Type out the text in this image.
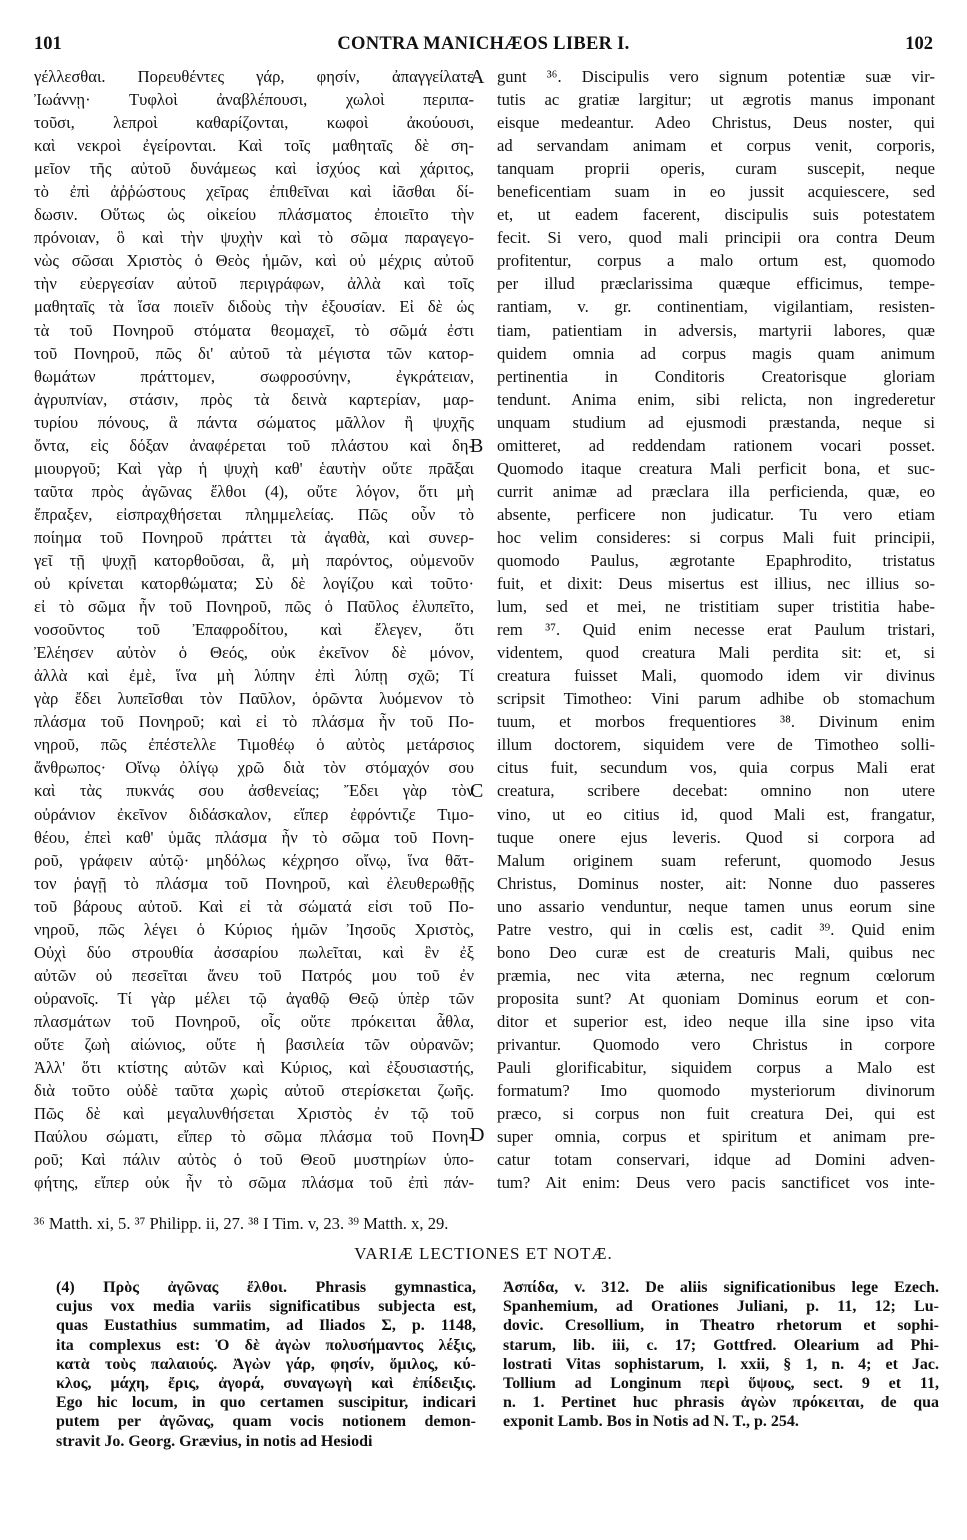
101	CONTRA MANICHÆOS LIBER I.	102
γέλλεσθαι. Πορευθέντες γάρ, φησίν, ἀπαγγείλατε
Ἰωάννῃ· Τυφλοὶ ἀναβλέπουσι, χωλοὶ περιπα-
τοῦσι, λεπροὶ καθαρίζονται, κωφοὶ ἀκούουσι,
καὶ νεκροὶ ἐγείρονται. Καὶ τοῖς μαθηταῖς δὲ ση-
μεῖον τῆς αὐτοῦ δυνάμεως καὶ ἰσχύος καὶ χάριτος,
τὸ ἐπὶ ἀῤῥώστους χεῖρας ἐπιθεῖναι καὶ ἰᾶσθαι δί-
δωσιν. Οὕτως ὡς οἰκείου πλάσματος ἐποιεῖτο τὴν
πρόνοιαν, ὃ καὶ τὴν ψυχὴν καὶ τὸ σῶμα παραγεγο-
νὼς σῶσαι Χριστὸς ὁ Θεὸς ἡμῶν, καὶ οὐ μέχρις αὐτοῦ
τὴν εὐεργεσίαν αὐτοῦ περιγράφων, ἀλλὰ καὶ τοῖς
μαθηταῖς τὰ ἴσα ποιεῖν διδοὺς τὴν ἐξουσίαν. Εἰ δὲ ὡς
τὰ τοῦ Πονηροῦ στόματα θεομαχεῖ, τὸ σῶμά ἐστι
τοῦ Πονηροῦ, πῶς δι' αὐτοῦ τὰ μέγιστα τῶν κατορ-
θωμάτων πράττομεν, σωφροσύνην, ἐγκράτειαν,
ἀγρυπνίαν, στάσιν, πρὸς τὰ δεινὰ καρτερίαν, μαρ-
τυρίου πόνους, ἃ πάντα σώματος μᾶλλον ἢ ψυχῆς
ὄντα, εἰς δόξαν ἀναφέρεται τοῦ πλάστου καὶ δη-
μιουργοῦ; Καὶ γὰρ ἡ ψυχὴ καθ' ἑαυτὴν οὔτε πρᾶξαι
ταῦτα πρὸς ἀγῶνας ἔλθοι (4), οὔτε λόγον, ὅτι μὴ
ἔπραξεν, εἰσπραχθήσεται πλημμελείας. Πῶς οὖν τὸ
ποίημα τοῦ Πονηροῦ πράττει τὰ ἀγαθὰ, καὶ συνερ-
γεῖ τῇ ψυχῇ κατορθοῦσαι, ἃ, μὴ παρόντος, οὐμενοῦν
οὐ κρίνεται κατορθώματα; Σὺ δὲ λογίζου καὶ τοῦτο·
εἰ τὸ σῶμα ἦν τοῦ Πονηροῦ, πῶς ὁ Παῦλος ἐλυπεῖτο,
νοσοῦντος τοῦ Ἐπαφροδίτου, καὶ ἔλεγεν, ὅτι
Ἐλέησεν αὐτὸν ὁ Θεός, οὐκ ἐκεῖνον δὲ μόνον,
ἀλλὰ καὶ ἐμὲ, ἵνα μὴ λύπην ἐπὶ λύπῃ σχῶ; Τί
γὰρ ἔδει λυπεῖσθαι τὸν Παῦλον, ὁρῶντα λυόμενον τὸ
πλάσμα τοῦ Πονηροῦ; καὶ εἰ τὸ πλάσμα ἦν τοῦ Πο-
νηροῦ, πῶς ἐπέστελλε Τιμοθέῳ ὁ αὐτὸς μετάρσιος
ἄνθρωπος· Οἴνῳ ὀλίγῳ χρῶ διὰ τὸν στόμαχόν σου
καὶ τὰς πυκνάς σου ἀσθενείας; Ἔδει γὰρ τὸν
οὐράνιον ἐκεῖνον διδάσκαλον, εἴπερ ἐφρόντιζε Τιμο-
θέου, ἐπεὶ καθ' ὑμᾶς πλάσμα ἦν τὸ σῶμα τοῦ Πονη-
ροῦ, γράφειν αὐτῷ· μηδόλως κέχρησο οἴνῳ, ἵνα θᾶτ-
τον ῥαγῇ τὸ πλάσμα τοῦ Πονηροῦ, καὶ ἐλευθερωθῇς
τοῦ βάρους αὐτοῦ. Καὶ εἰ τὰ σώματά εἰσι τοῦ Πο-
νηροῦ, πῶς λέγει ὁ Κύριος ἡμῶν Ἰησοῦς Χριστὸς,
Οὐχὶ δύο στρουθία ἀσσαρίου πωλεῖται, καὶ ἓν ἐξ
αὐτῶν οὐ πεσεῖται ἄνευ τοῦ Πατρός μου τοῦ ἐν
οὐρανοῖς. Τί γὰρ μέλει τῷ ἀγαθῷ Θεῷ ὑπὲρ τῶν
πλασμάτων τοῦ Πονηροῦ, οἷς οὔτε πρόκειται ἆθλα,
οὔτε ζωὴ αἰώνιος, οὔτε ἡ βασιλεία τῶν οὐρανῶν;
Ἀλλ' ὅτι κτίστης αὐτῶν καὶ Κύριος, καὶ ἐξουσιαστής,
διὰ τοῦτο οὐδὲ ταῦτα χωρὶς αὐτοῦ στερίσκεται ζωῆς.
Πῶς δὲ καὶ μεγαλυνθήσεται Χριστὸς ἐν τῷ τοῦ
Παύλου σώματι, εἴπερ τὸ σῶμα πλάσμα τοῦ Πονη-
ροῦ; Καὶ πάλιν αὐτὸς ὁ τοῦ Θεοῦ μυστηρίων ὑπο-
φήτης, εἴπερ οὐκ ἦν τὸ σῶμα πλάσμα τοῦ ἐπὶ πάν-
gunt ³⁶. Discipulis vero signum potentiæ suæ vir-
tutis ac gratiæ largitur; ut ægrotis manus imponant
eisque medeantur. Adeo Christus, Deus noster, qui
ad servandam animam et corpus venit, corporis,
tanquam proprii operis, curam suscepit, neque
beneficentiam suam in eo jussit acquiescere, sed
et, ut eadem facerent, discipulis suis potestatem
fecit. Si vero, quod mali principii ora contra Deum
profitentur, corpus a malo ortum est, quomodo
per illud præclarissima quæque efficimus, tempe-
rantiam, v. gr. continentiam, vigilantiam, resisten-
tiam, patientiam in adversis, martyrii labores, quæ
quidem omnia ad corpus magis quam animum
pertinentia in Conditoris Creatorisque gloriam
tendunt. Anima enim, sibi relicta, non ingrederetur
unquam studium ad ejusmodi præstanda, neque si
omitteret, ad reddendam rationem vocari posset.
Quomodo itaque creatura Mali perficit bona, et suc-
currit animæ ad præclara illa perficienda, quæ, eo
absente, perficere non judicatur. Tu vero etiam
hoc velim consideres: si corpus Mali fuit principii,
quomodo Paulus, ægrotante Epaphrodito, tristatus
fuit, et dixit: Deus misertus est illius, nec illius so-
lum, sed et mei, ne tristitiam super tristitia habe-
rem ³⁷. Quid enim necesse erat Paulum tristari,
videntem, quod creatura Mali perdita sit: et, si
creatura fuisset Mali, quomodo idem vir divinus
scripsit Timotheo: Vini parum adhibe ob stomachum
tuum, et morbos frequentiores ³⁸. Divinum enim
illum doctorem, siquidem vere de Timotheo solli-
citus fuit, secundum vos, quia corpus Mali erat
creatura, scribere decebat: omnino non utere
vino, ut eo citius id, quod Mali est, frangatur,
tuque onere ejus leveris. Quod si corpora ad
Malum originem suam referunt, quomodo Jesus
Christus, Dominus noster, ait: Nonne duo passeres
uno assario venduntur, neque tamen unus eorum sine
Patre vestro, qui in cœlis est, cadit ³⁹. Quid enim
bono Deo curæ est de creaturis Mali, quibus nec
præmia, nec vita æterna, nec regnum cœlorum
proposita sunt? At quoniam Dominus eorum et con-
ditor et superior est, ideo neque illa sine ipso vita
privantur. Quomodo vero Christus in corpore
Pauli glorificabitur, siquidem corpus a Malo est
formatum? Imo quomodo mysteriorum divinorum
præco, si corpus non fuit creatura Dei, qui est
super omnia, corpus et spiritum et animam pre-
catur totam conservari, idque ad Domini adven-
tum? Ait enim: Deus vero pacis sanctificet vos inte-
A
B
C
D
³⁶ Matth. xi, 5. ³⁷ Philipp. ii, 27. ³⁸ I Tim. v, 23. ³⁹ Matth. x, 29.
VARIÆ LECTIONES ET NOTÆ.
(4) Πρὸς ἀγῶνας ἔλθοι. Phrasis gymnastica,
cujus vox media variis significatibus subjecta est,
quas Eustathius summatim, ad Iliados Σ, p. 1148,
ita complexus est: Ὁ δὲ ἀγὼν πολυσήμαντος λέξις,
κατὰ τοὺς παλαιούς. Ἀγὼν γάρ, φησίν, ὅμιλος, κύ-
κλος, μάχη, ἔρις, ἀγορά, συναγωγὴ καὶ ἐπίδειξις.
Ego hic locum, in quo certamen suscipitur, indicari
putem per ἀγῶνας, quam vocis notionem demon-
stravit Jo. Georg. Grævius, in notis ad Hesiodi
Ἀσπίδα, v. 312. De aliis significationibus lege Ezech.
Spanhemium, ad Orationes Juliani, p. 11, 12; Lu-
dovic. Cresollium, in Theatro rhetorum et sophi-
starum, lib. iii, c. 17; Gottfred. Olearium ad Phi-
lostrati Vitas sophistarum, l. xxii, § 1, n. 4; et Jac.
Tollium ad Longinum περὶ ὕψους, sect. 9 et 11,
n. 1. Pertinet huc phrasis ἀγὼν πρόκειται, de qua
exponit Lamb. Bos in Notis ad N. T., p. 254.
